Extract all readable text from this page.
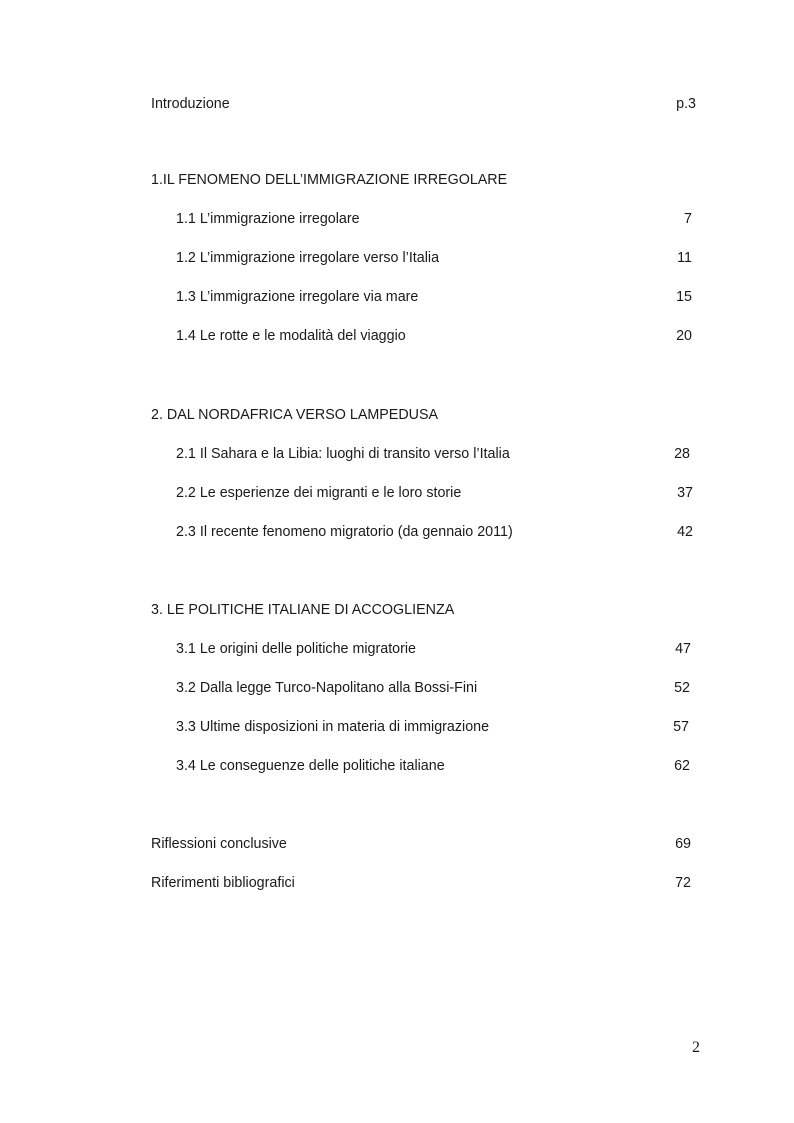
Introduzione	p.3
1.IL FENOMENO DELL’IMMIGRAZIONE IRREGOLARE
1.1 L’immigrazione irregolare	7
1.2 L’immigrazione irregolare verso l’Italia	11
1.3 L’immigrazione irregolare via mare	15
1.4 Le rotte e le modalità del viaggio	20
2. DAL NORDAFRICA VERSO LAMPEDUSA
2.1 Il Sahara e la Libia: luoghi di transito verso l’Italia	28
2.2 Le esperienze dei migranti e le loro storie	37
2.3 Il recente fenomeno migratorio (da gennaio 2011)	42
3. LE POLITICHE ITALIANE DI ACCOGLIENZA
3.1 Le origini delle politiche migratorie	47
3.2 Dalla legge Turco-Napolitano alla Bossi-Fini	52
3.3 Ultime disposizioni in materia di immigrazione	57
3.4 Le conseguenze delle politiche italiane	62
Riflessioni conclusive	69
Riferimenti bibliografici	72
2
